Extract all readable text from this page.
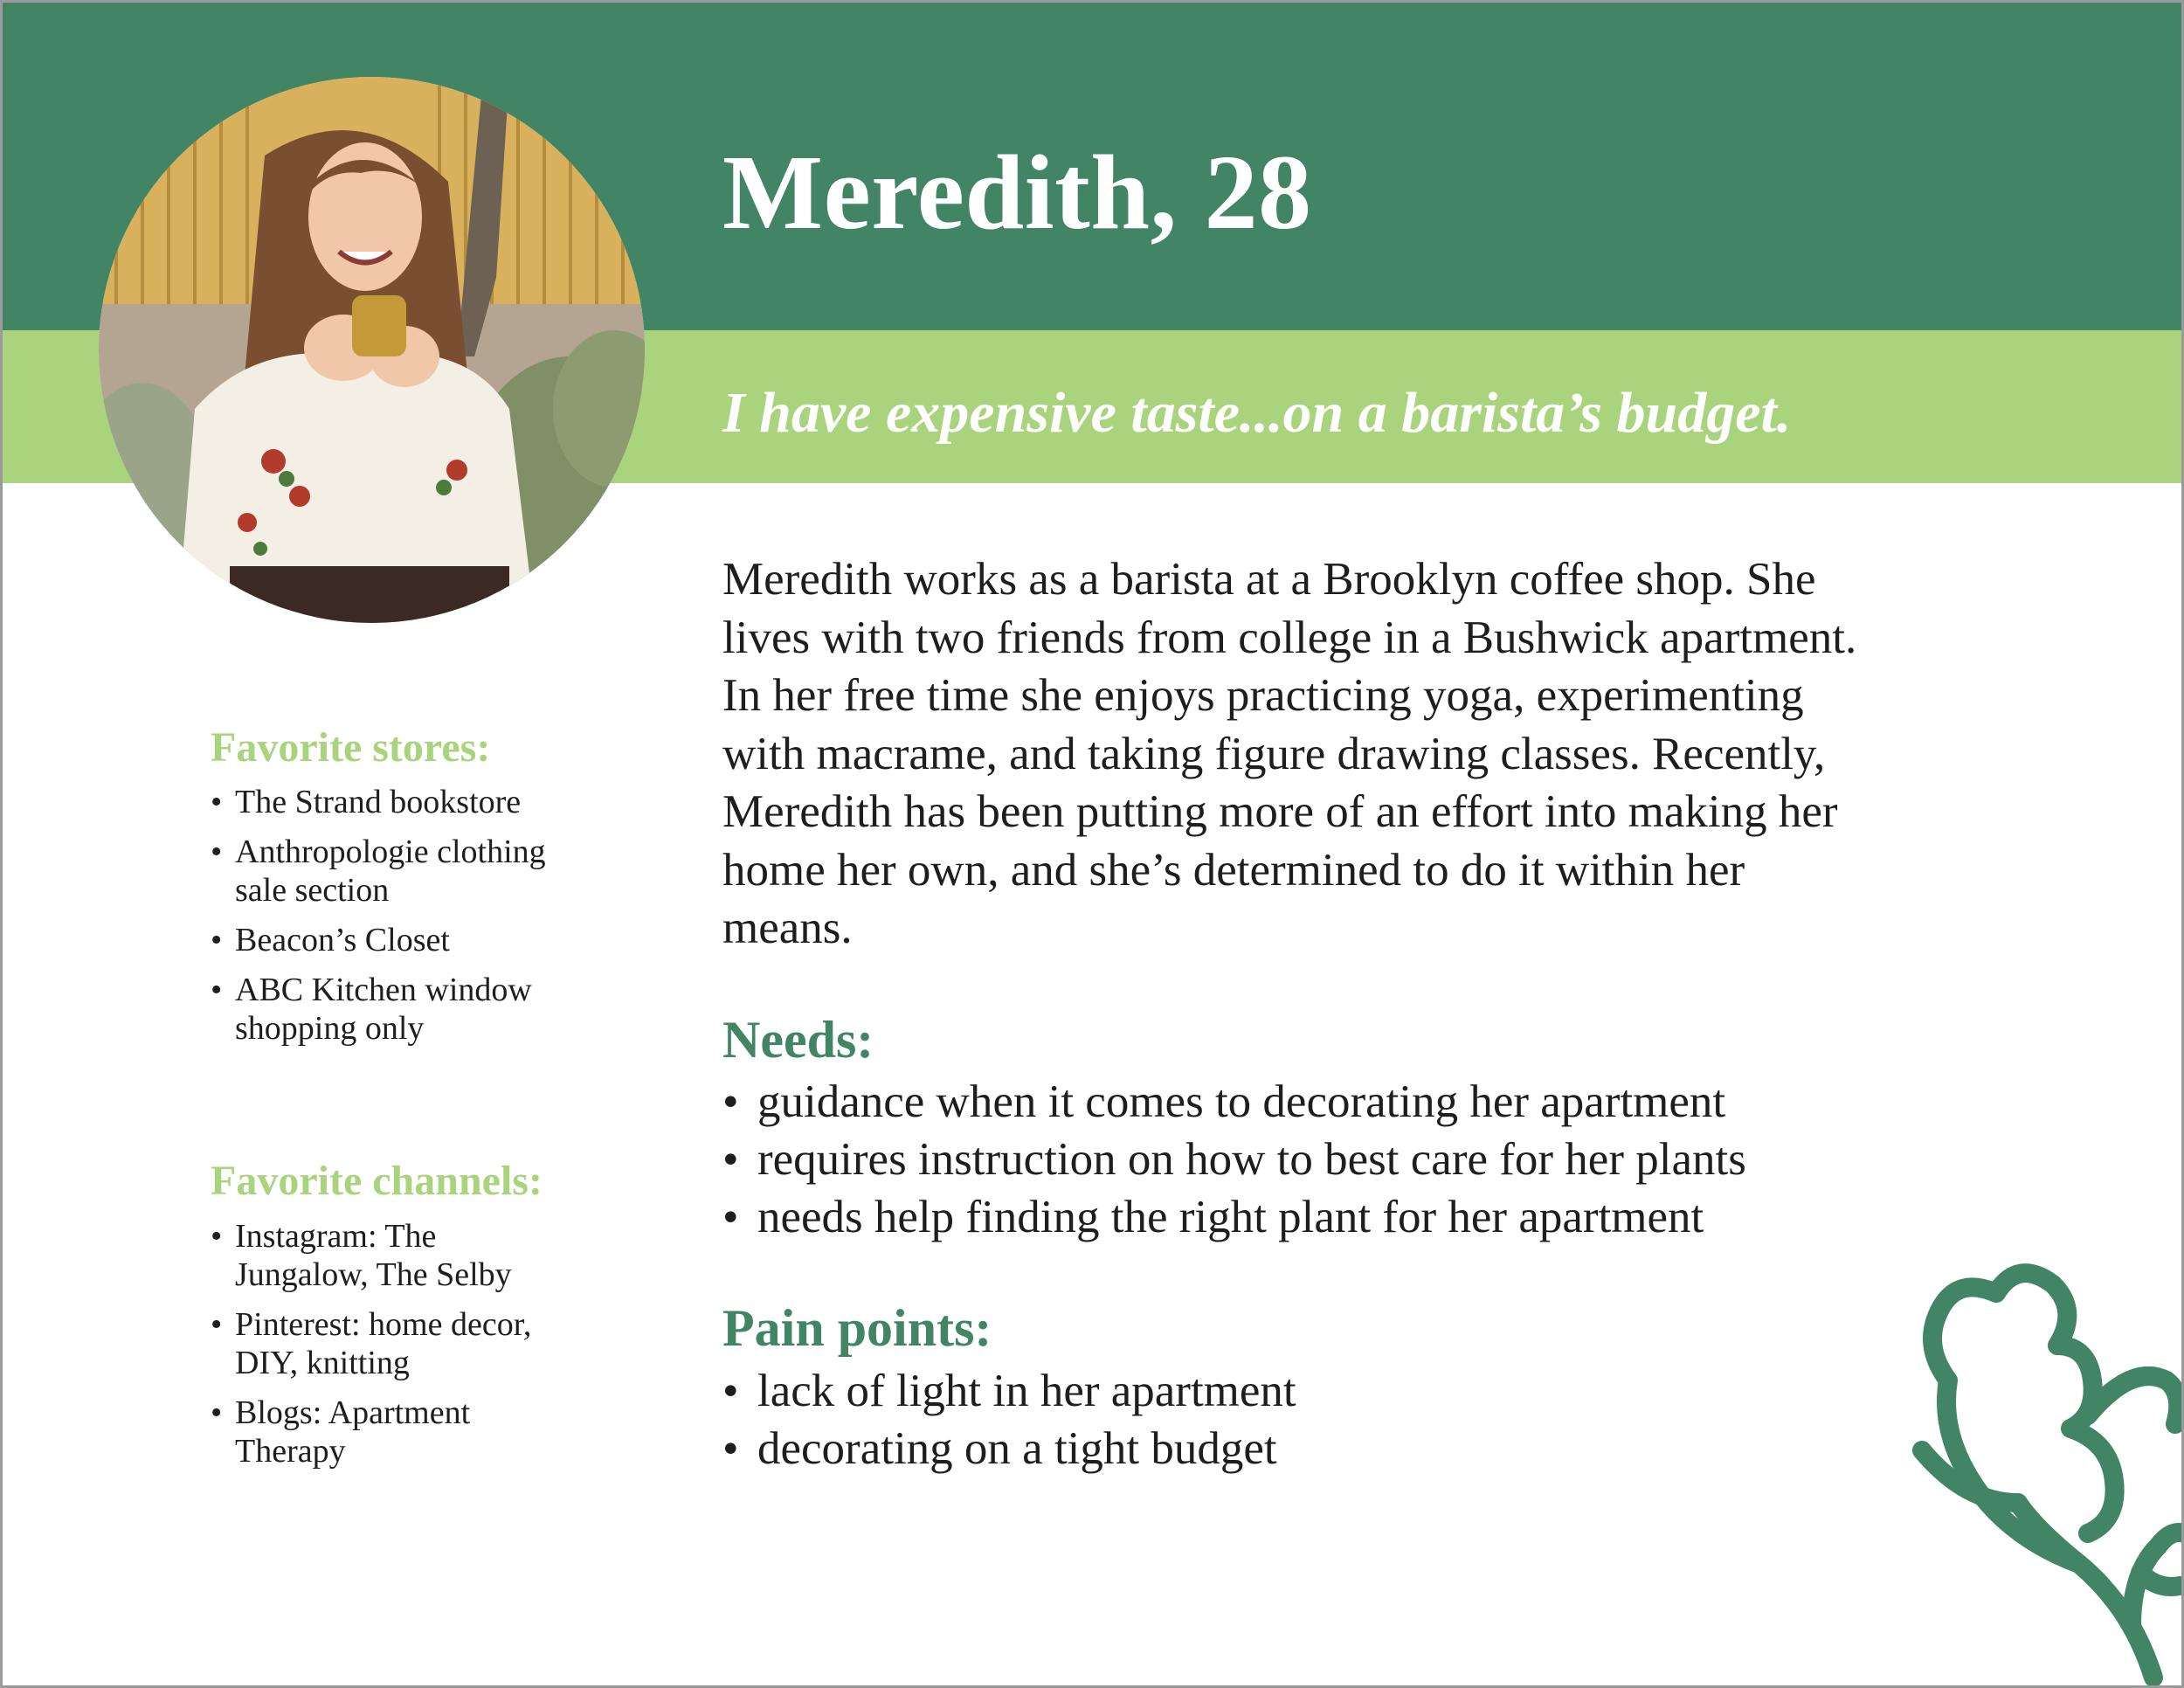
Meredith, 28

I have expensive taste...on a barista’s budget.

Meredith works as a barista at a Brooklyn coffee shop. She lives with two friends from college in a Bushwick apartment. In her free time she enjoys practicing yoga, experimenting with macrame, and taking figure drawing classes. Recently, Meredith has been putting more of an effort into making her home her own, and she’s determined to do it within her means.

Needs:
• guidance when it comes to decorating her apartment
• requires instruction on how to best care for her plants
• needs help finding the right plant for her apartment
Pain points:
• lack of light in her apartment
• decorating on a tight budget
Favorite stores:
• The Strand bookstore
• Anthropologie clothing sale section
• Beacon’s Closet
• ABC Kitchen window shopping only
Favorite channels:
• Instagram: The Jungalow, The Selby
• Pinterest: home decor, DIY, knitting
• Blogs: Apartment Therapy
